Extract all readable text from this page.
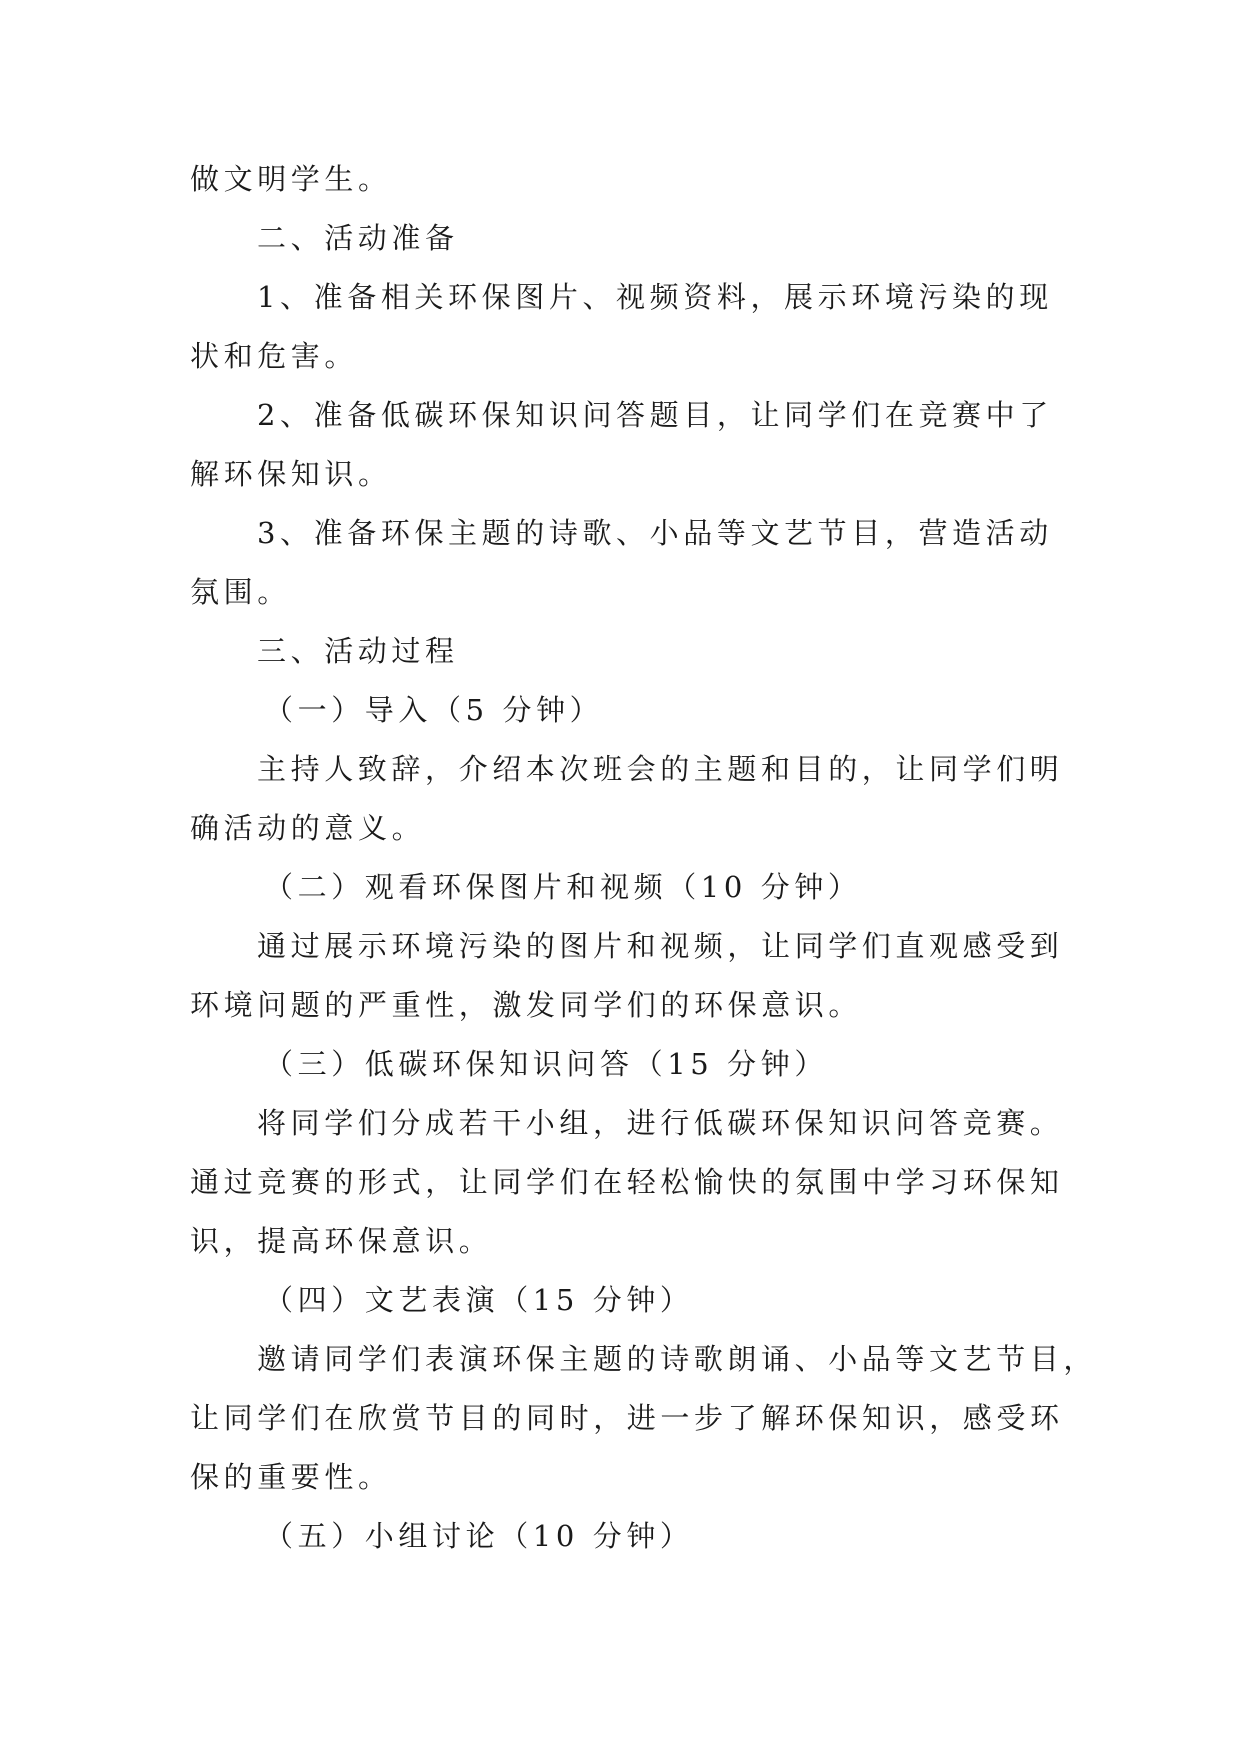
做文明学生。
二、活动准备
1、准备相关环保图片、视频资料，展示环境污染的现
状和危害。
2、准备低碳环保知识问答题目，让同学们在竞赛中了
解环保知识。
3、准备环保主题的诗歌、小品等文艺节目，营造活动
氛围。
三、活动过程
（一）导入（5 分钟）
主持人致辞，介绍本次班会的主题和目的，让同学们明
确活动的意义。
（二）观看环保图片和视频（10 分钟）
通过展示环境污染的图片和视频，让同学们直观感受到
环境问题的严重性，激发同学们的环保意识。
（三）低碳环保知识问答（15 分钟）
将同学们分成若干小组，进行低碳环保知识问答竞赛。
通过竞赛的形式，让同学们在轻松愉快的氛围中学习环保知
识，提高环保意识。
（四）文艺表演（15 分钟）
邀请同学们表演环保主题的诗歌朗诵、小品等文艺节目，
让同学们在欣赏节目的同时，进一步了解环保知识，感受环
保的重要性。
（五）小组讨论（10 分钟）
